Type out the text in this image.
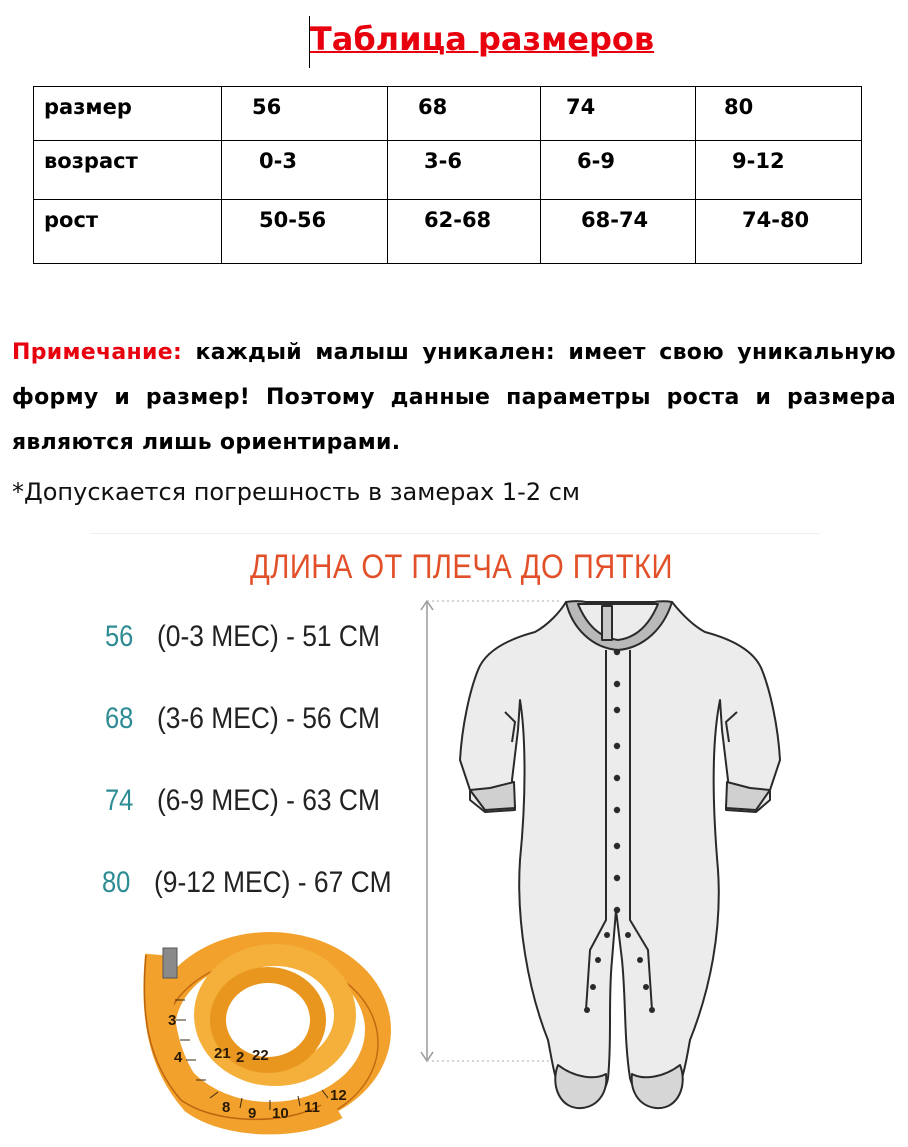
Таблица размеров
размер	56	68	74	80
возраст	0-3	3-6	6-9	9-12
рост	50-56	62-68	68-74	74-80
Примечание: каждый малыш уникален: имеет свою уникальную форму и размер! Поэтому данные параметры роста и размера являются лишь ориентирами.
*Допускается погрешность в замерах 1-2 см
2 22
21
3
4
8 9 10 11
12
ДЛИНА ОТ ПЛЕЧА ДО ПЯТКИ
56 (0-3 MEC) - 51 CM
68 (3-6 MEC) - 56 CM
74 (6-9 MEC) - 63 CM
80 (9-12 MEC) - 67 CM
